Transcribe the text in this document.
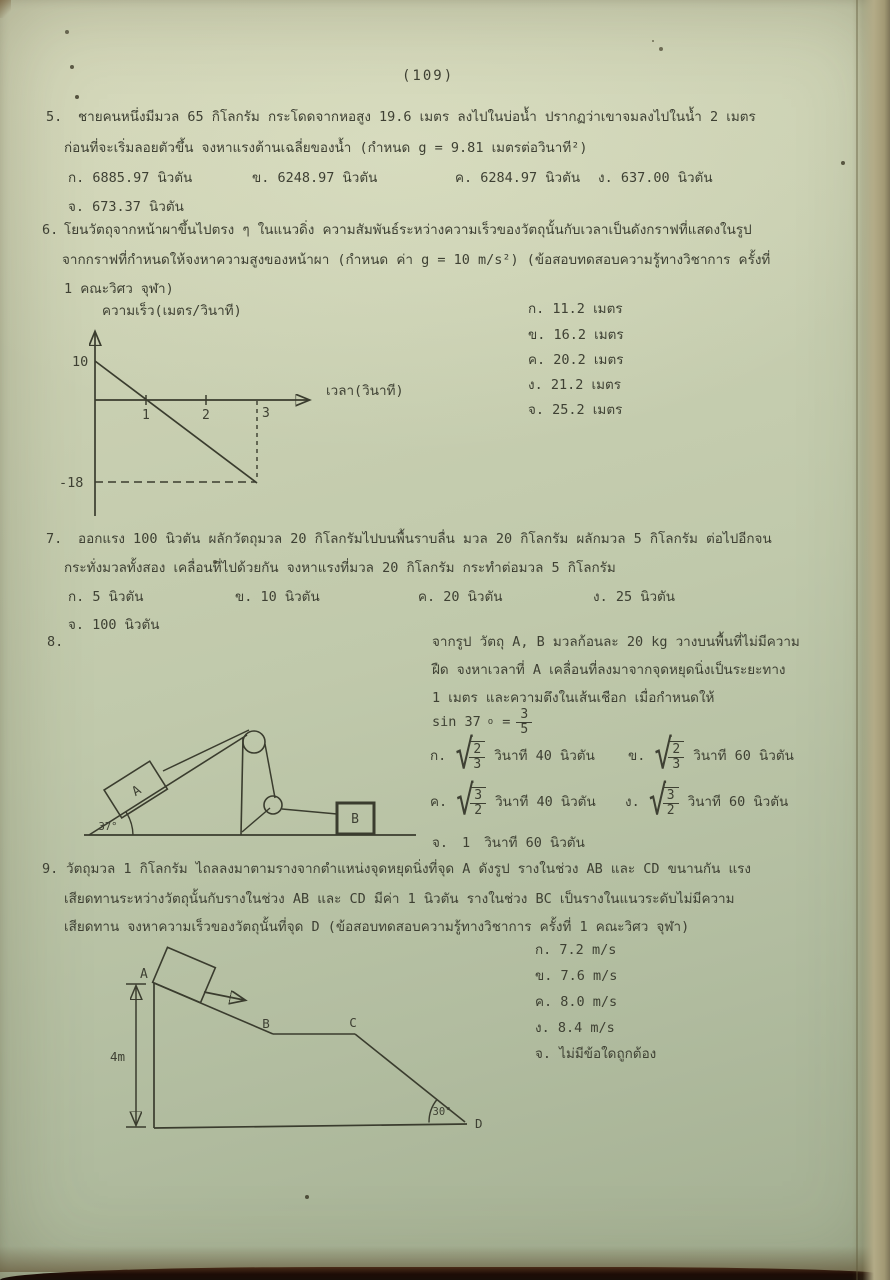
(109)
5. ชายคนหนึ่งมีมวล 65 กิโลกรัม กระโดดจากหอสูง 19.6 เมตร ลงไปในบ่อน้ำ ปรากฏว่าเขาจมลงไปในน้ำ 2 เมตร
ก่อนที่จะเริ่มลอยตัวขึ้น จงหาแรงต้านเฉลี่ยของน้ำ (กำหนด g = 9.81 เมตรต่อวินาที²)
ก. 6885.97 นิวตัน	ข. 6248.97 นิวตัน	ค. 6284.97 นิวตัน ง. 637.00 นิวตัน
จ. 673.37 นิวตัน
6. โยนวัตถุจากหน้าผาขึ้นไปตรง ๆ ในแนวดิ่ง ความสัมพันธ์ระหว่างความเร็วของวัตถุนั้นกับเวลาเป็นดังกราฟที่แสดงในรูป
จากกราฟที่กำหนดให้จงหาความสูงของหน้าผา (กำหนด ค่า g = 10 m/s²) (ข้อสอบทดสอบความรู้ทางวิชาการ ครั้งที่
1 คณะวิศว จุฬา)
ก. 11.2 เมตร
ข. 16.2 เมตร
ค. 20.2 เมตร
ง. 21.2 เมตร
จ. 25.2 เมตร
ความเร็ว(เมตร/วินาที)
เวลา(วินาที)
10
-18
1	2	3
7. ออกแรง 100 นิวตัน ผลักวัตถุมวล 20 กิโลกรัมไปบนพื้นราบลื่น มวล 20 กิโลกรัม ผลักมวล 5 กิโลกรัม ต่อไปอีกจน
กระทั่งมวลทั้งสอง เคลื่อนที่ไปด้วยกัน จงหาแรงที่มวล 20 กิโลกรัม กระทำต่อมวล 5 กิโลกรัม
ก. 5 นิวตัน	ข. 10 นิวตัน	ค. 20 นิวตัน	ง. 25 นิวตัน
จ. 100 นิวตัน
8.	จากรูป วัตถุ A, B มวลก้อนละ 20 kg วางบนพื้นที่ไม่มีความ
ฝืด จงหาเวลาที่ A เคลื่อนที่ลงมาจากจุดหยุดนิ่งเป็นระยะทาง
1 เมตร และความตึงในเส้นเชือก เมื่อกำหนดให้
sin 37 $o = \frac{3}{5}$
ก. √
$\frac{2}{3}$ วินาที 40 นิวตัน ข. √
$\frac{2}{3}$ วินาที 60 นิวตัน
ค. √
$\frac{3}{2}$ วินาที 40 นิวตัน ง. √
$\frac{3}{2}$ วินาที 60 นิวตัน
จ. 1 วินาที 60 นิวตัน
A
37°	B
9. วัตถุมวล 1 กิโลกรัม ไถลลงมาตามรางจากตำแหน่งจุดหยุดนิ่งที่จุด A ดังรูป รางในช่วง AB และ CD ขนานกัน แรง
เสียดทานระหว่างวัตถุนั้นกับรางในช่วง AB และ CD มีค่า 1 นิวตัน รางในช่วง BC เป็นรางในแนวระดับไม่มีความ
เสียดทาน จงหาความเร็วของวัตถุนั้นที่จุด D (ข้อสอบทดสอบความรู้ทางวิชาการ ครั้งที่ 1 คณะวิศว จุฬา)
ก. 7.2 m/s
ข. 7.6 m/s
ค. 8.0 m/s
ง. 8.4 m/s
จ. ไม่มีข้อใดถูกต้อง
A
B	C
D
4m
30°
